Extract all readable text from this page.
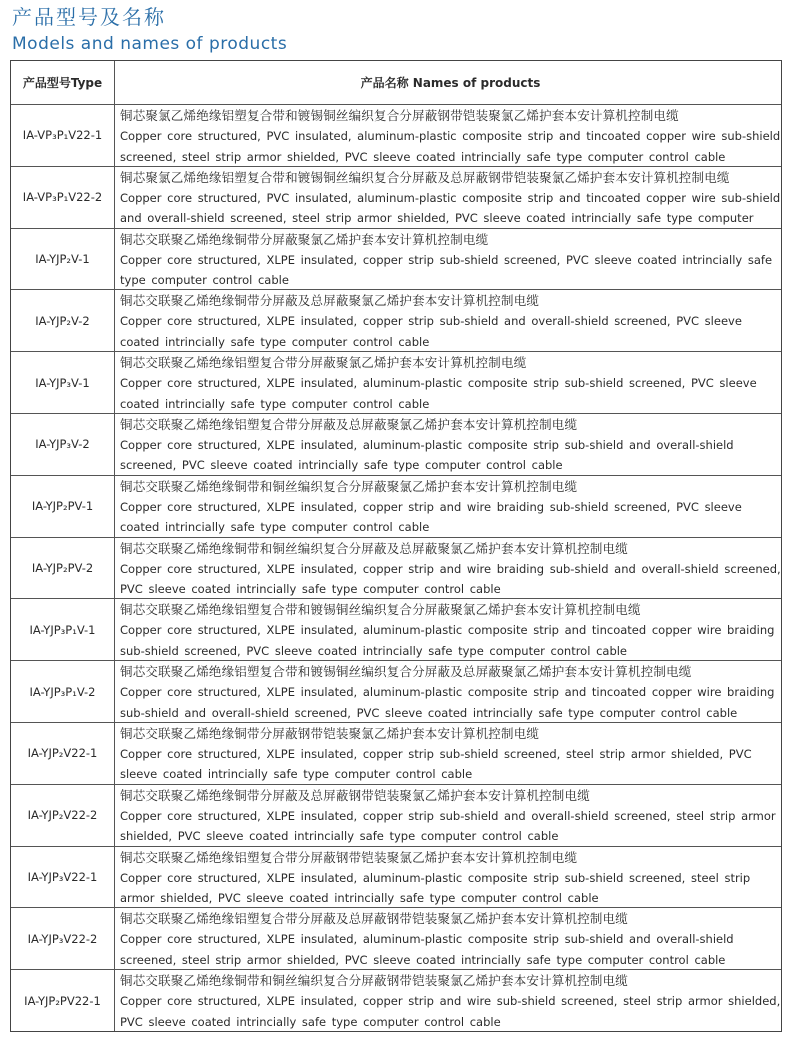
产品型号及名称
Models and names of products
产品型号Type	产品名称 Names of products
IA-VP₃P₁V22-1
铜芯聚氯乙烯绝缘铝塑复合带和镀锡铜丝编织复合分屏蔽钢带铠装聚氯乙烯护套本安计算机控制电缆
Copper core structured, PVC insulated, aluminum-plastic composite strip and tincoated copper wire sub-shield screened, steel strip armor shielded, PVC sleeve coated intrincially safe type computer control cable
IA-VP₃P₁V22-2
铜芯聚氯乙烯绝缘铝塑复合带和镀锡铜丝编织复合分屏蔽及总屏蔽钢带铠装聚氯乙烯护套本安计算机控制电缆
Copper core structured, PVC insulated, aluminum-plastic composite strip and tincoated copper wire sub-shield and overall-shield screened, steel strip armor shielded, PVC sleeve coated intrincially safe type computer
IA-YJP₂V-1
铜芯交联聚乙烯绝缘铜带分屏蔽聚氯乙烯护套本安计算机控制电缆
Copper core structured, XLPE insulated, copper strip sub-shield screened, PVC sleeve coated intrincially safe type computer control cable
IA-YJP₂V-2
铜芯交联聚乙烯绝缘铜带分屏蔽及总屏蔽聚氯乙烯护套本安计算机控制电缆
Copper core structured, XLPE insulated, copper strip sub-shield and overall-shield screened, PVC sleeve coated intrincially safe type computer control cable
IA-YJP₃V-1
铜芯交联聚乙烯绝缘铝塑复合带分屏蔽聚氯乙烯护套本安计算机控制电缆
Copper core structured, XLPE insulated, aluminum-plastic composite strip sub-shield screened, PVC sleeve coated intrincially safe type computer control cable
IA-YJP₃V-2
铜芯交联聚乙烯绝缘铝塑复合带分屏蔽及总屏蔽聚氯乙烯护套本安计算机控制电缆
Copper core structured, XLPE insulated, aluminum-plastic composite strip sub-shield and overall-shield screened, PVC sleeve coated intrincially safe type computer control cable
IA-YJP₂PV-1
铜芯交联聚乙烯绝缘铜带和铜丝编织复合分屏蔽聚氯乙烯护套本安计算机控制电缆
Copper core structured, XLPE insulated, copper strip and wire braiding sub-shield screened, PVC sleeve coated intrincially safe type computer control cable
IA-YJP₂PV-2
铜芯交联聚乙烯绝缘铜带和铜丝编织复合分屏蔽及总屏蔽聚氯乙烯护套本安计算机控制电缆
Copper core structured, XLPE insulated, copper strip and wire braiding sub-shield and overall-shield screened, PVC sleeve coated intrincially safe type computer control cable
IA-YJP₃P₁V-1
铜芯交联聚乙烯绝缘铝塑复合带和镀锡铜丝编织复合分屏蔽聚氯乙烯护套本安计算机控制电缆
Copper core structured, XLPE insulated, aluminum-plastic composite strip and tincoated copper wire braiding sub-shield screened, PVC sleeve coated intrincially safe type computer control cable
IA-YJP₃P₁V-2
铜芯交联聚乙烯绝缘铝塑复合带和镀锡铜丝编织复合分屏蔽及总屏蔽聚氯乙烯护套本安计算机控制电缆
Copper core structured, XLPE insulated, aluminum-plastic composite strip and tincoated copper wire braiding sub-shield and overall-shield screened, PVC sleeve coated intrincially safe type computer control cable
IA-YJP₂V22-1
铜芯交联聚乙烯绝缘铜带分屏蔽钢带铠装聚氯乙烯护套本安计算机控制电缆
Copper core structured, XLPE insulated, copper strip sub-shield screened, steel strip armor shielded, PVC sleeve coated intrincially safe type computer control cable
IA-YJP₂V22-2
铜芯交联聚乙烯绝缘铜带分屏蔽及总屏蔽钢带铠装聚氯乙烯护套本安计算机控制电缆
Copper core structured, XLPE insulated, copper strip sub-shield and overall-shield screened, steel strip armor shielded, PVC sleeve coated intrincially safe type computer control cable
IA-YJP₃V22-1
铜芯交联聚乙烯绝缘铝塑复合带分屏蔽钢带铠装聚氯乙烯护套本安计算机控制电缆
Copper core structured, XLPE insulated, aluminum-plastic composite strip sub-shield screened, steel strip armor shielded, PVC sleeve coated intrincially safe type computer control cable
IA-YJP₃V22-2
铜芯交联聚乙烯绝缘铝塑复合带分屏蔽及总屏蔽钢带铠装聚氯乙烯护套本安计算机控制电缆
Copper core structured, XLPE insulated, aluminum-plastic composite strip sub-shield and overall-shield screened, steel strip armor shielded, PVC sleeve coated intrincially safe type computer control cable
IA-YJP₂PV22-1
铜芯交联聚乙烯绝缘铜带和铜丝编织复合分屏蔽钢带铠装聚氯乙烯护套本安计算机控制电缆
Copper core structured, XLPE insulated, copper strip and wire sub-shield screened, steel strip armor shielded, PVC sleeve coated intrincially safe type computer control cable
